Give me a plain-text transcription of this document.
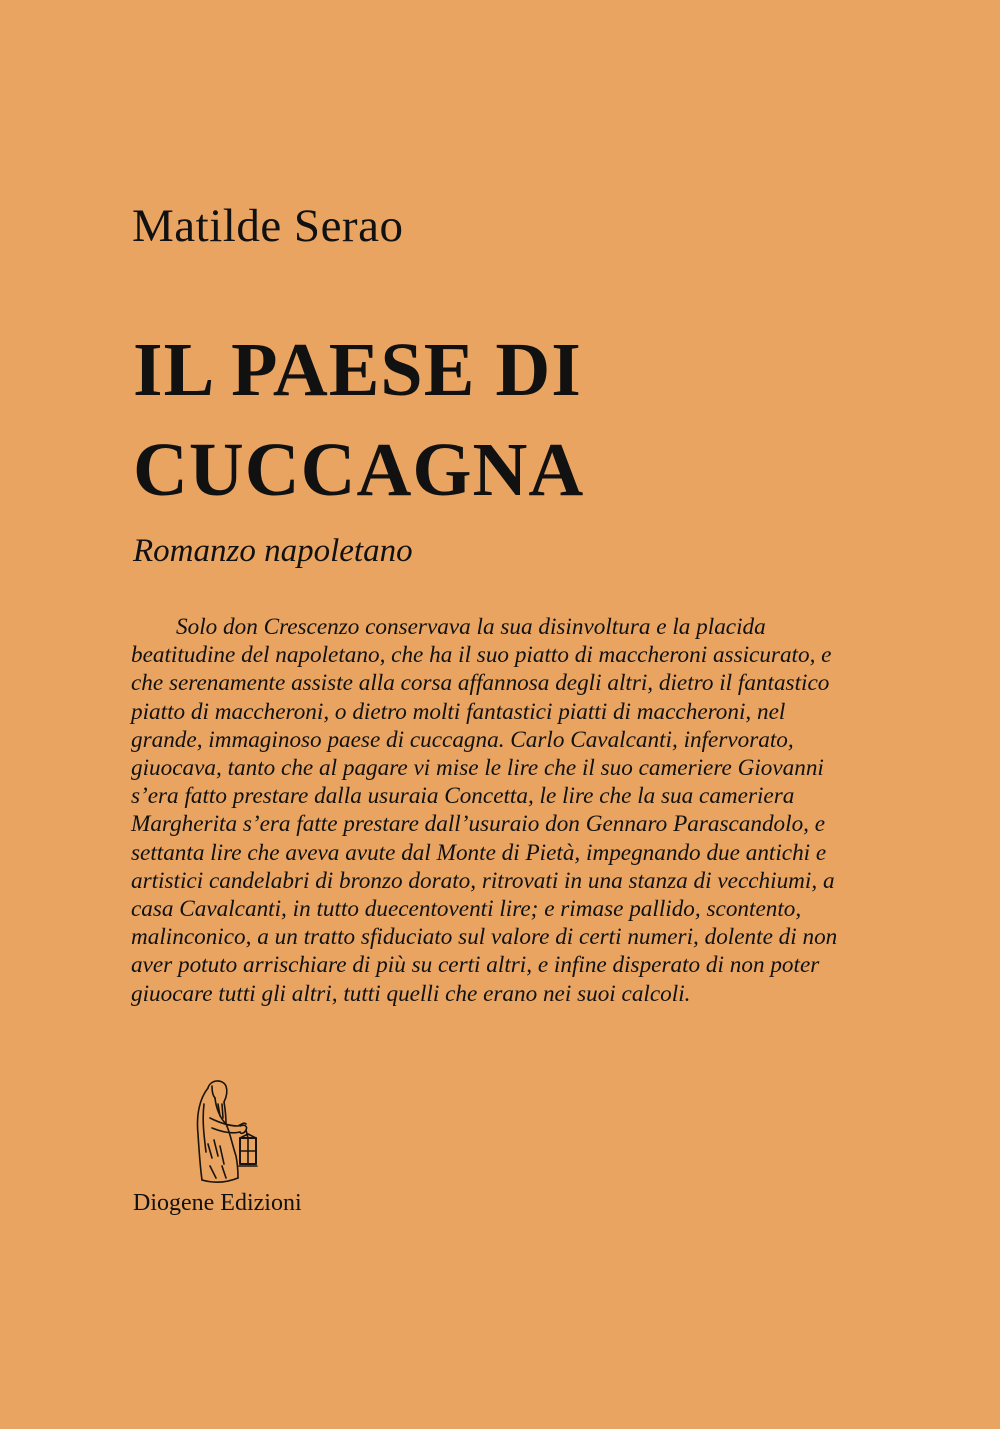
Matilde Serao
IL PAESE DI
CUCCAGNA
Romanzo napoletano

Solo don Crescenzo conservava la sua disinvoltura e la placida
beatitudine del napoletano, che ha il suo piatto di maccheroni assicurato, e
che serenamente assiste alla corsa affannosa degli altri, dietro il fantastico
piatto di maccheroni, o dietro molti fantastici piatti di maccheroni, nel
grande, immaginoso paese di cuccagna. Carlo Cavalcanti, infervorato,
giuocava, tanto che al pagare vi mise le lire che il suo cameriere Giovanni
s’era fatto prestare dalla usuraia Concetta, le lire che la sua cameriera
Margherita s’era fatte prestare dall’usuraio don Gennaro Parascandolo, e
settanta lire che aveva avute dal Monte di Pietà, impegnando due antichi e
artistici candelabri di bronzo dorato, ritrovati in una stanza di vecchiumi, a
casa Cavalcanti, in tutto duecentoventi lire; e rimase pallido, scontento,
malinconico, a un tratto sfiduciato sul valore di certi numeri, dolente di non
aver potuto arrischiare di più su certi altri, e infine disperato di non poter
giuocare tutti gli altri, tutti quelli che erano nei suoi calcoli.

Diogene Edizioni
